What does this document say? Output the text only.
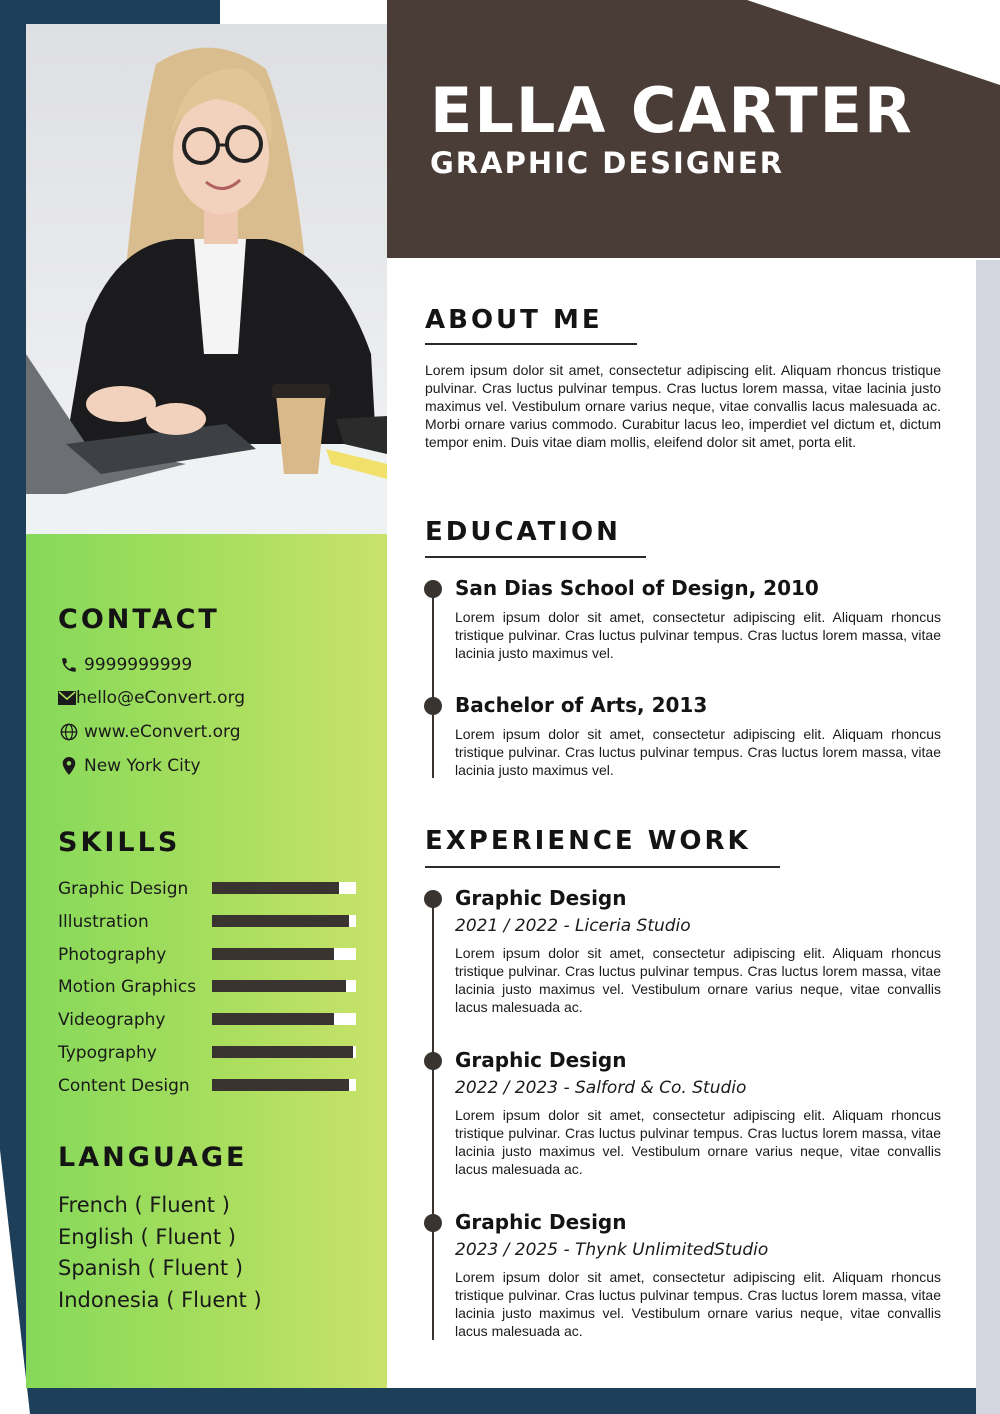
ELLA CARTER
GRAPHIC DESIGNER
CONTACT
9999999999
hello@eConvert.org
www.eConvert.org
New York City
SKILLS
Graphic Design
Illustration
Photography
Motion Graphics
Videography
Typography
Content Design
LANGUAGE
French ( Fluent )
English ( Fluent )
Spanish ( Fluent )
Indonesia ( Fluent )
ABOUT ME

Lorem ipsum dolor sit amet, consectetur adipiscing elit. Aliquam rhoncus tristique pulvinar. Cras luctus pulvinar tempus. Cras luctus lorem massa, vitae lacinia justo maximus vel. Vestibulum ornare varius neque, vitae convallis lacus malesuada ac. Morbi ornare varius commodo. Curabitur lacus leo, imperdiet vel dictum et, dictum tempor enim. Duis vitae diam mollis, eleifend dolor sit amet, porta elit.

EDUCATION
San Dias School of Design, 2010

Lorem ipsum dolor sit amet, consectetur adipiscing elit. Aliquam rhoncus tristique pulvinar. Cras luctus pulvinar tempus. Cras luctus lorem massa, vitae lacinia justo maximus vel.

Bachelor of Arts, 2013

Lorem ipsum dolor sit amet, consectetur adipiscing elit. Aliquam rhoncus tristique pulvinar. Cras luctus pulvinar tempus. Cras luctus lorem massa, vitae lacinia justo maximus vel.

EXPERIENCE WORK
Graphic Design
2021 / 2022 - Liceria Studio

Lorem ipsum dolor sit amet, consectetur adipiscing elit. Aliquam rhoncus tristique pulvinar. Cras luctus pulvinar tempus. Cras luctus lorem massa, vitae lacinia justo maximus vel. Vestibulum ornare varius neque, vitae convallis lacus malesuada ac.

Graphic Design
2022 / 2023 - Salford & Co. Studio

Lorem ipsum dolor sit amet, consectetur adipiscing elit. Aliquam rhoncus tristique pulvinar. Cras luctus pulvinar tempus. Cras luctus lorem massa, vitae lacinia justo maximus vel. Vestibulum ornare varius neque, vitae convallis lacus malesuada ac.

Graphic Design
2023 / 2025 - Thynk UnlimitedStudio

Lorem ipsum dolor sit amet, consectetur adipiscing elit. Aliquam rhoncus tristique pulvinar. Cras luctus pulvinar tempus. Cras luctus lorem massa, vitae lacinia justo maximus vel. Vestibulum ornare varius neque, vitae convallis lacus malesuada ac.
